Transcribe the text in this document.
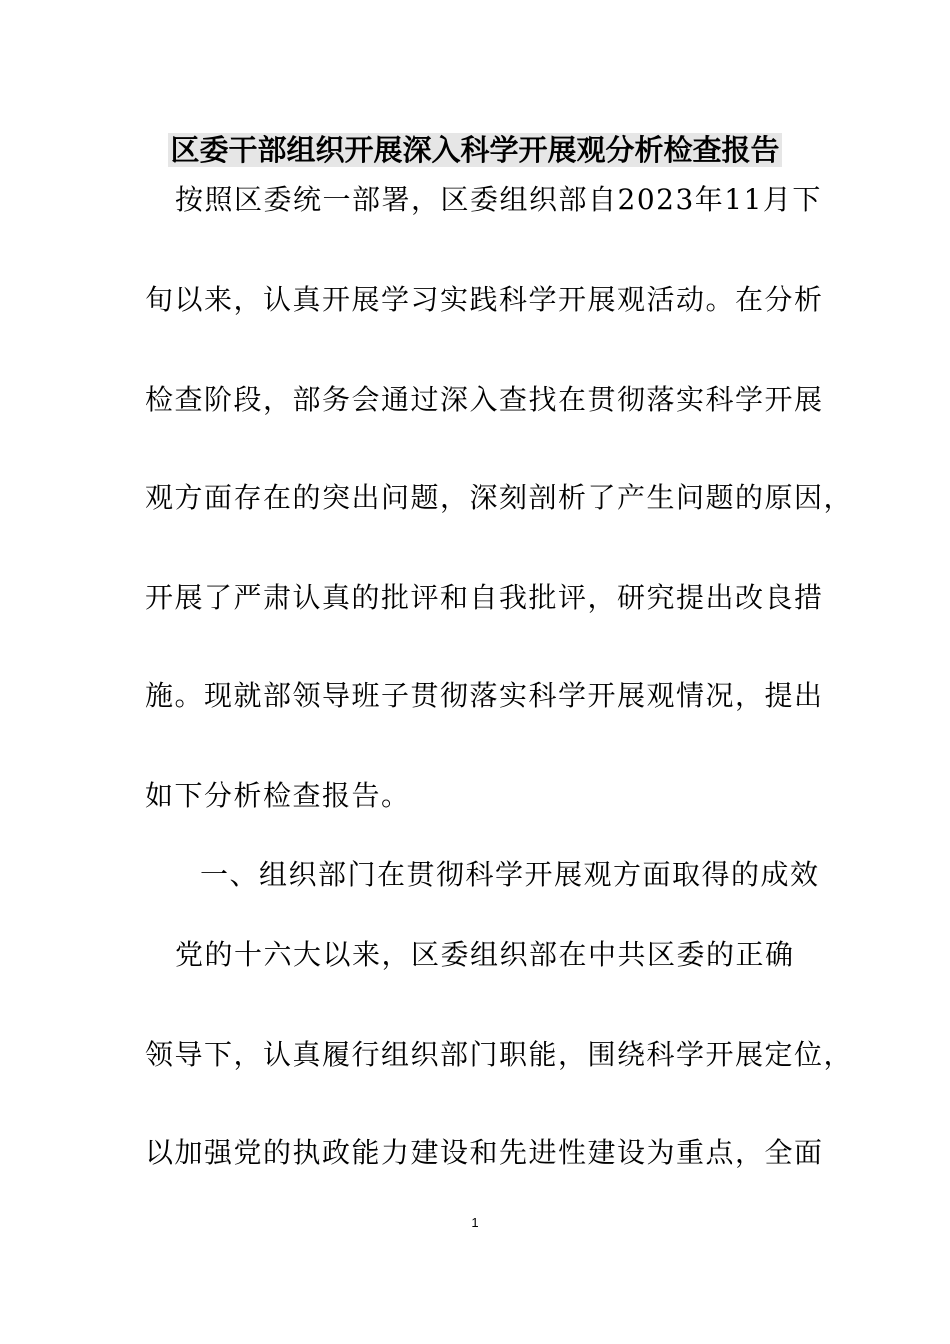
区委干部组织开展深入科学开展观分析检查报告
按照区委统一部署，区委组织部自2023年11月下
旬以来，认真开展学习实践科学开展观活动。在分析
检查阶段，部务会通过深入查找在贯彻落实科学开展
观方面存在的突出问题，深刻剖析了产生问题的原因，
开展了严肃认真的批评和自我批评，研究提出改良措
施。现就部领导班子贯彻落实科学开展观情况，提出
如下分析检查报告。
一、组织部门在贯彻科学开展观方面取得的成效
党的十六大以来，区委组织部在中共区委的正确
领导下，认真履行组织部门职能，围绕科学开展定位，
以加强党的执政能力建设和先进性建设为重点，全面
1
